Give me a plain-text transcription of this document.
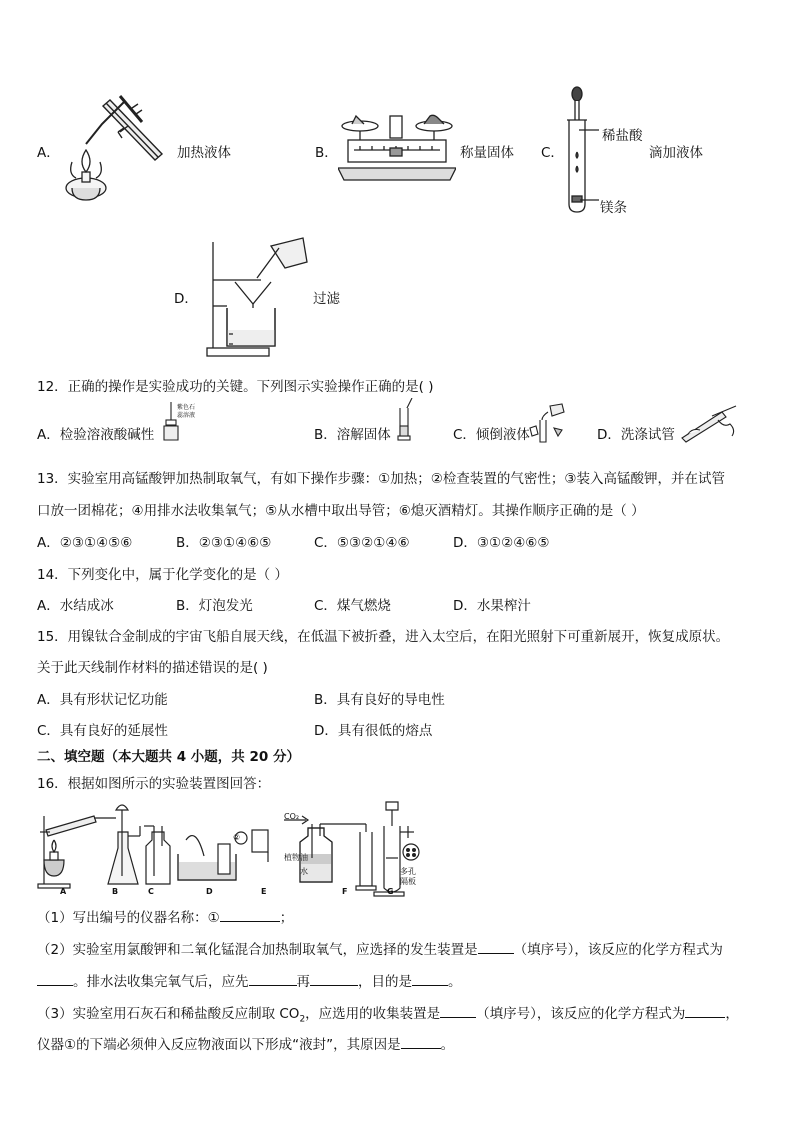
A．	加热液体	B．	称量固体 C．
稀盐酸
镁条
滴加液体
D．	过滤
12．正确的操作是实验成功的关键。下列图示实验操作正确的是( )
A．检验溶液酸碱性
紫色石
蕊溶液
B．溶解固体	C．倾倒液体	D．洗涤试管
13．实验室用高锰酸钾加热制取氧气，有如下操作步骤：①加热；②检查装置的气密性；③装入高锰酸钾，并在试管
口放一团棉花；④用排水法收集氧气；⑤从水槽中取出导管；⑥熄灭酒精灯。其操作顺序正确的是（ ）
A．②③①④⑤⑥	B．②③①④⑥⑤	C．⑤③②①④⑥	D．③①②④⑥⑤
14．下列变化中，属于化学变化的是（ ）
A．水结成冰	B．灯泡发光	C．煤气燃烧	D．水果榨汁
15．用镍钛合金制成的宇宙飞船自展天线，在低温下被折叠，进入太空后，在阳光照射下可重新展开，恢复成原状。
关于此天线制作材料的描述错误的是( )
A．具有形状记忆功能	B．具有良好的导电性
C．具有良好的延展性	D．具有很低的熔点
二、填空题（本大题共 4 小题，共 20 分）
16．根据如图所示的实验装置图回答：
A	B	C	D	E	F	G
CO₂
植物油
水	多孔
隔板
②
（1）写出编号的仪器名称：①	；
（2）实验室用氯酸钾和二氧化锰混合加热制取氧气，应选择的发生装置是	（填序号），该反应的化学方程式为
。排水法收集完氧气后，应先	再	，目的是	。
（3）实验室用石灰石和稀盐酸反应制取 $CO_2$，应选用的收集装置是	（填序号），该反应的化学方程式为	，
仪器①的下端必须伸入反应物液面以下形成“液封”，其原因是	。
